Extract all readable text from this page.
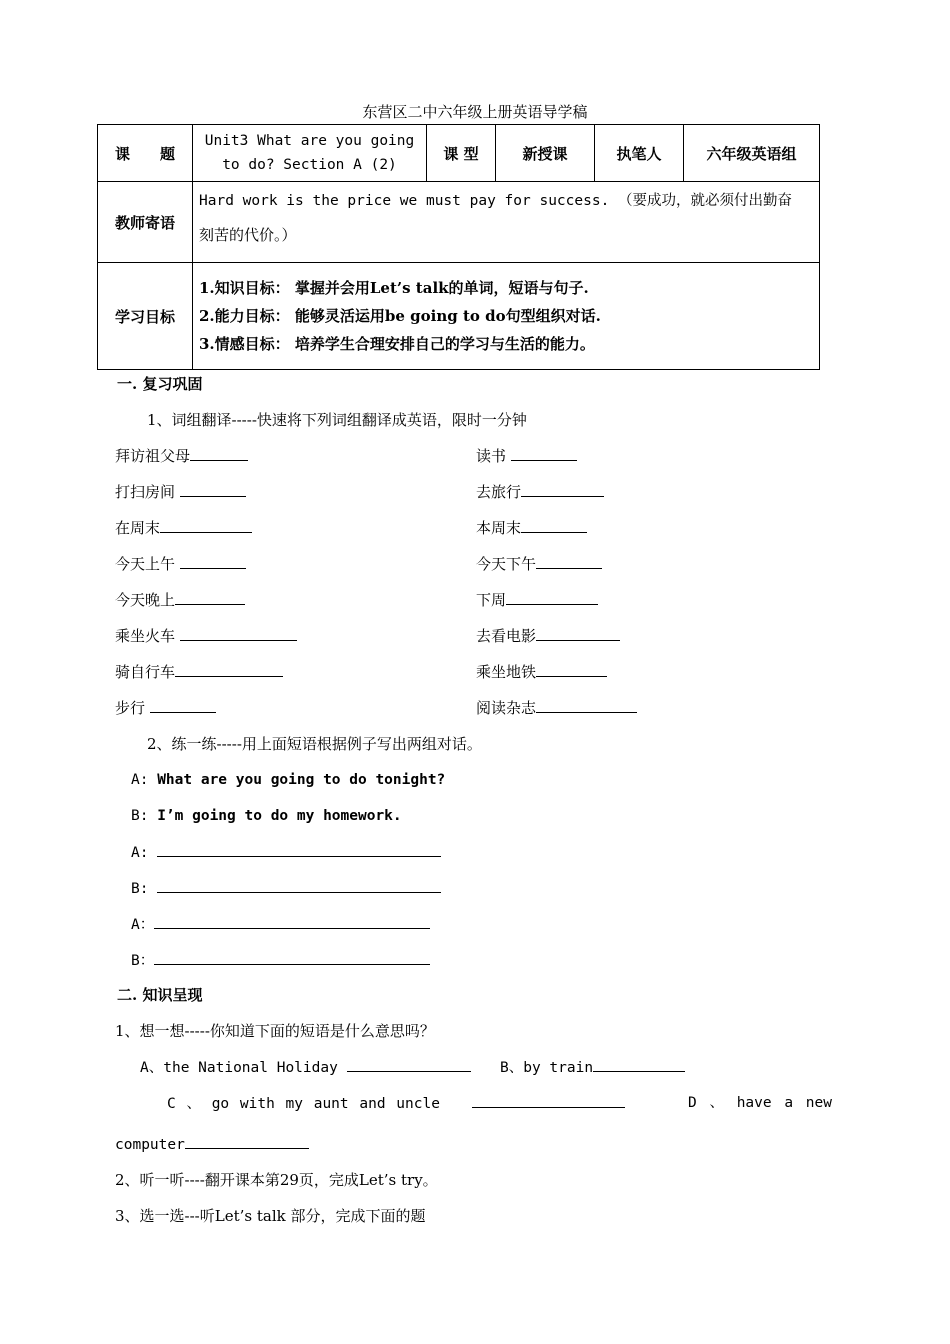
东营区二中六年级上册英语导学稿
课　　题	Unit3 What are you going
to do? Section A (2)	课 型	新授课	执笔人	六年级英语组
教师寄语	Hard work is the price we must pay for success. （要成功，就必须付出勤奋
刻苦的代价。）				

学习目标	1.知识目标： 掌握并会用Let’s talk的单词，短语与句子.
2.能力目标： 能够灵活运用be going to do句型组织对话.
3.情感目标： 培养学生合理安排自己的学习与生活的能力。				
一. 复习巩固
1、词组翻译-----快速将下列词组翻译成英语，限时一分钟
拜访祖父母
打扫房间
在周末
今天上午
今天晚上
乘坐火车
骑自行车
步行
读书
去旅行
本周末
今天下午
下周
去看电影
乘坐地铁
阅读杂志
2、练一练-----用上面短语根据例子写出两组对话。
A: What are you going to do tonight?
B: I’m going to do my homework.
A:
B:
A：
B：
二. 知识呈现
1、想一想-----你知道下面的短语是什么意思吗？
A、the National Holiday	B、by train
C 、 go with my aunt and uncle	D 、 have a new
computer
2、听一听----翻开课本第29页，完成Let’s try。
3、选一选---听Let’s talk 部分，完成下面的题
